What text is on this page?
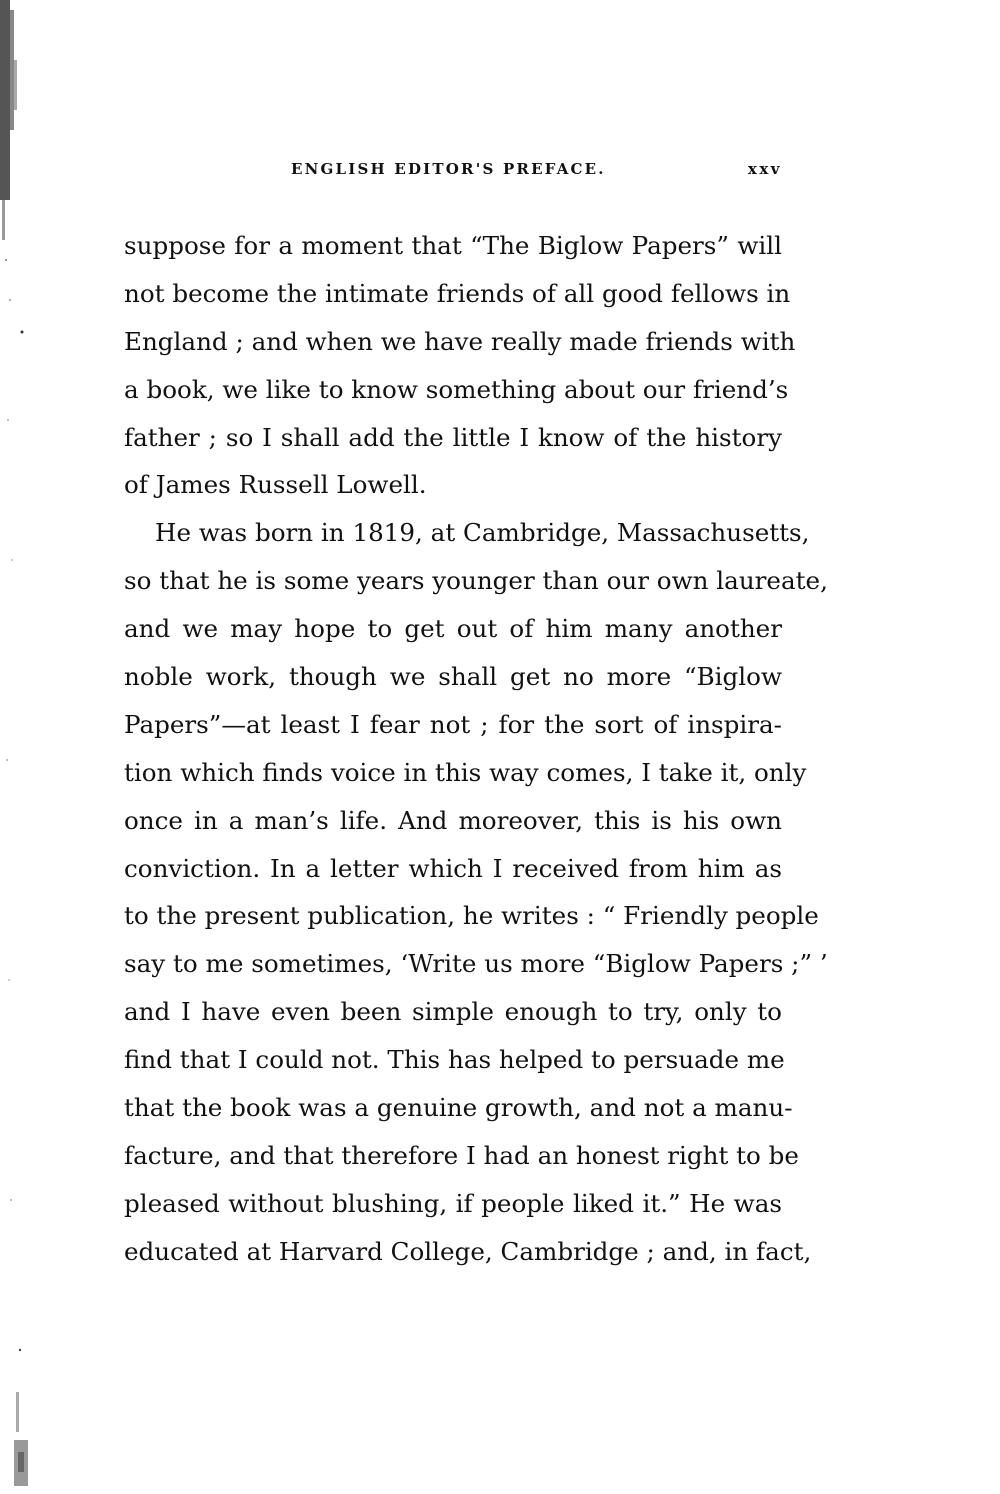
ENGLISH EDITOR'S PREFACE.	xxv
suppose for a moment that “The Biglow Papers” will
not become the intimate friends of all good fellows in
England ; and when we have really made friends with
a book, we like to know something about our friend’s
father ; so I shall add the little I know of the history
of James Russell Lowell.
He was born in 1819, at Cambridge, Massachusetts,
so that he is some years younger than our own laureate,
and we may hope to get out of him many another
noble work, though we shall get no more “Biglow
Papers”—at least I fear not ; for the sort of inspira-
tion which finds voice in this way comes, I take it, only
once in a man’s life. And moreover, this is his own
conviction. In a letter which I received from him as
to the present publication, he writes : “ Friendly people
say to me sometimes, ‘Write us more “Biglow Papers ;” ’
and I have even been simple enough to try, only to
find that I could not. This has helped to persuade me
that the book was a genuine growth, and not a manu-
facture, and that therefore I had an honest right to be
pleased without blushing, if people liked it.” He was
educated at Harvard College, Cambridge ; and, in fact,
